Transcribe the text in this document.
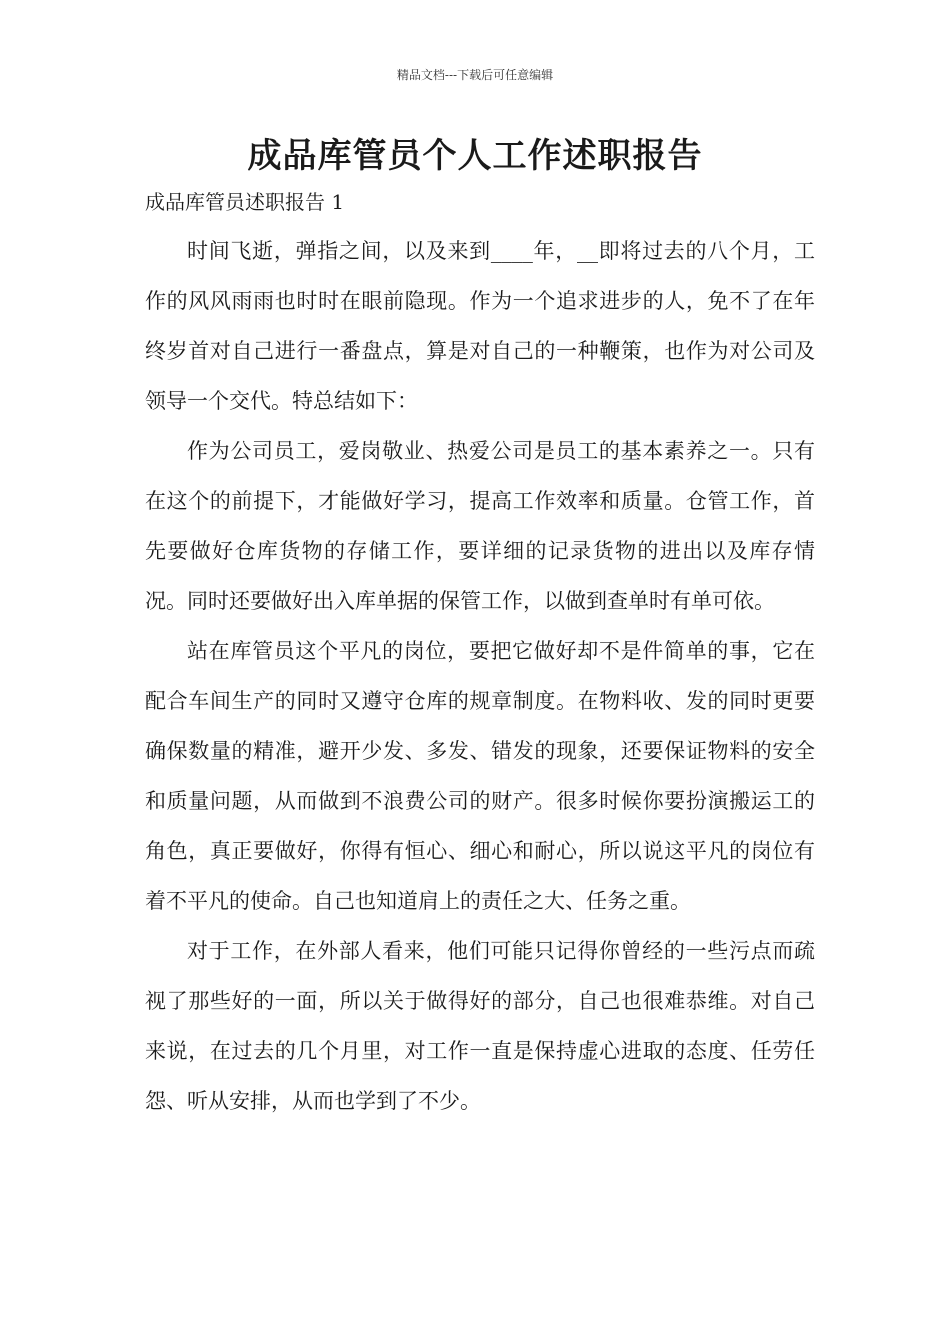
精品文档---下载后可任意编辑
成品库管员个人工作述职报告

成品库管员述职报告 1

时间飞逝，弹指之间，以及来到____年，__即将过去的八个月，工作的风风雨雨也时时在眼前隐现。作为一个追求进步的人，免不了在年终岁首对自己进行一番盘点，算是对自己的一种鞭策，也作为对公司及领导一个交代。特总结如下：

作为公司员工，爱岗敬业、热爱公司是员工的基本素养之一。只有在这个的前提下，才能做好学习，提高工作效率和质量。仓管工作，首先要做好仓库货物的存储工作，要详细的记录货物的进出以及库存情况。同时还要做好出入库单据的保管工作，以做到查单时有单可依。

站在库管员这个平凡的岗位，要把它做好却不是件简单的事，它在配合车间生产的同时又遵守仓库的规章制度。在物料收、发的同时更要确保数量的精准，避开少发、多发、错发的现象，还要保证物料的安全和质量问题，从而做到不浪费公司的财产。很多时候你要扮演搬运工的角色，真正要做好，你得有恒心、细心和耐心，所以说这平凡的岗位有着不平凡的使命。自己也知道肩上的责任之大、任务之重。

对于工作，在外部人看来，他们可能只记得你曾经的一些污点而疏视了那些好的一面，所以关于做得好的部分，自己也很难恭维。对自己来说，在过去的几个月里，对工作一直是保持虚心进取的态度、任劳任怨、听从安排，从而也学到了不少。
